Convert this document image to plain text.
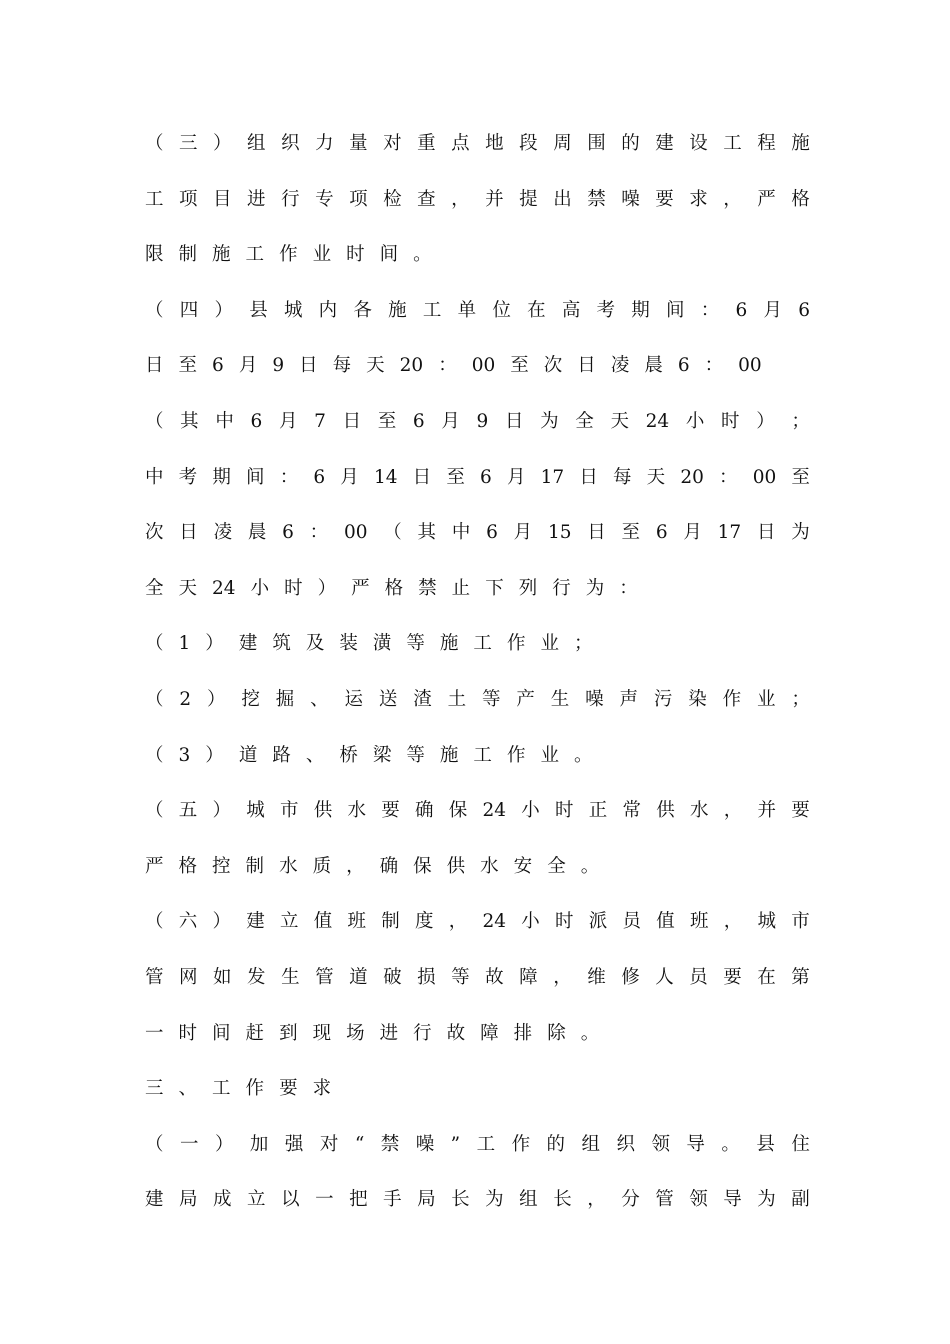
（ 三 ） 组 织 力 量 对 重 点 地 段 周 围 的 建 设 工 程 施
工 项 目 进 行 专 项 检 查 ， 并 提 出 禁 噪 要 求 ， 严 格
限 制 施 工 作 业 时 间 。
（ 四 ） 县 城 内 各 施 工 单 位 在 高 考 期 间 ： 6 月 6
日 至 6 月 9 日 每 天 20 ： 00 至 次 日 凌 晨 6 ： 00
（ 其 中 6 月 7 日 至 6 月 9 日 为 全 天 24 小 时 ） ；
中 考 期 间 ： 6 月 14 日 至 6 月 17 日 每 天 20 ： 00 至
次 日 凌 晨 6 ： 00 （ 其 中 6 月 15 日 至 6 月 17 日 为
全 天 24 小 时 ） 严 格 禁 止 下 列 行 为 ：
（ 1 ） 建 筑 及 装 潢 等 施 工 作 业 ；
（ 2 ） 挖 掘 、 运 送 渣 土 等 产 生 噪 声 污 染 作 业 ；
（ 3 ） 道 路 、 桥 梁 等 施 工 作 业 。
（ 五 ） 城 市 供 水 要 确 保 24 小 时 正 常 供 水 ， 并 要
严 格 控 制 水 质 ， 确 保 供 水 安 全 。
（ 六 ） 建 立 值 班 制 度 ， 24 小 时 派 员 值 班 ， 城 市
管 网 如 发 生 管 道 破 损 等 故 障 ， 维 修 人 员 要 在 第
一 时 间 赶 到 现 场 进 行 故 障 排 除 。
三 、 工 作 要 求
（ 一 ） 加 强 对 “ 禁 噪 ” 工 作 的 组 织 领 导 。 县 住
建 局 成 立 以 一 把 手 局 长 为 组 长 ， 分 管 领 导 为 副
